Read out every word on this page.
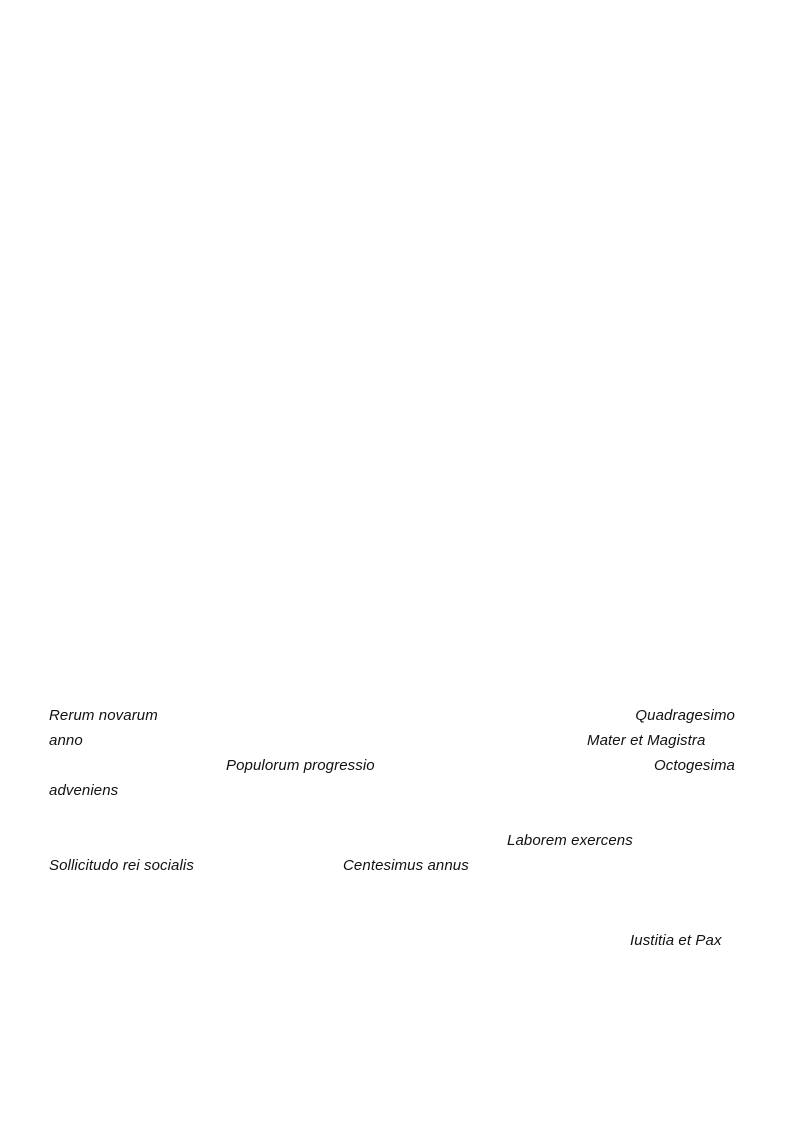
Rerum novarum	Quadragesimo
anno	Mater et Magistra
Populorum progressio	Octogesima
adveniens
Laborem exercens
Sollicitudo rei socialis	Centesimus annus
Iustitia et Pax
